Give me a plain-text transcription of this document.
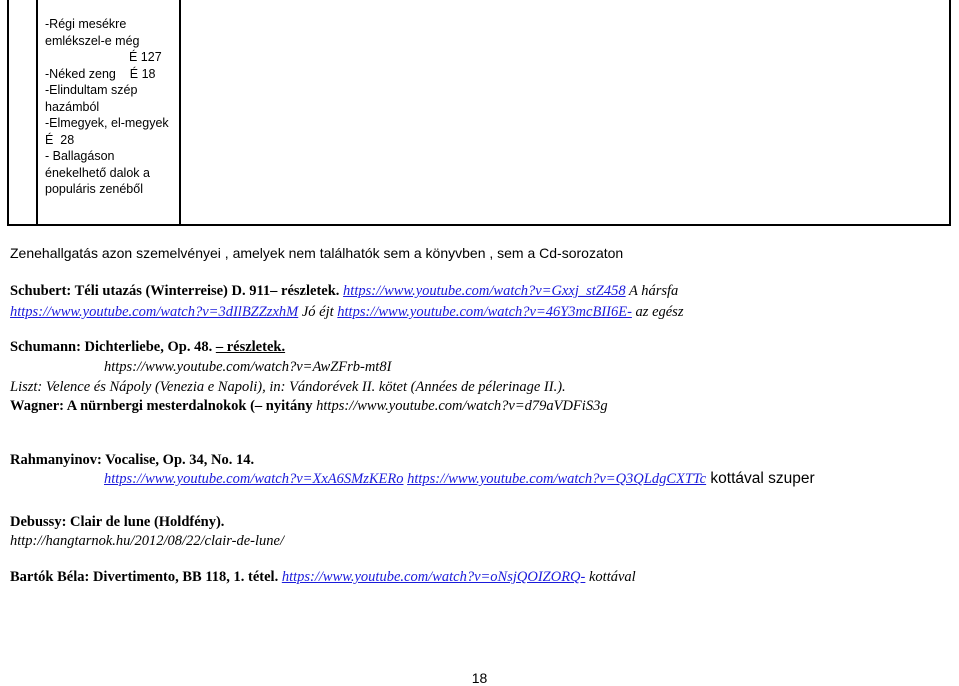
-Régi mesékre
emlékszel-e még
É 127
-Néked zeng    É 18
-Elindultam szép
hazámból
-Elmegyek, el-megyek
É  28
- Ballagáson
énekelhető dalok a
populáris zenéből
Zenehallgatás azon szemelvényei , amelyek nem találhatók sem a könyvben , sem a Cd-sorozaton
Schubert: Téli utazás (Winterreise) D. 911– részletek. https://www.youtube.com/watch?v=Gxxj_stZ458 A hársfa
https://www.youtube.com/watch?v=3dIlBZZzxhM Jó éjt https://www.youtube.com/watch?v=46Y3mcBII6E- az egész
Schumann: Dichterliebe, Op. 48. – részletek.
https://www.youtube.com/watch?v=AwZFrb-mt8I
Liszt: Velence és Nápoly (Venezia e Napoli), in: Vándorévek II. kötet (Années de pélerinage II.).
Wagner: A nürnbergi mesterdalnokok (– nyitány https://www.youtube.com/watch?v=d79aVDFiS3g
Rahmanyinov: Vocalise, Op. 34, No. 14.
https://www.youtube.com/watch?v=XxA6SMzKERo https://www.youtube.com/watch?v=Q3QLdgCXTTc kottával szuper
Debussy: Clair de lune (Holdfény).
http://hangtarnok.hu/2012/08/22/clair-de-lune/
Bartók Béla: Divertimento, BB 118, 1. tétel. https://www.youtube.com/watch?v=oNsjQOIZORQ- kottával
18
